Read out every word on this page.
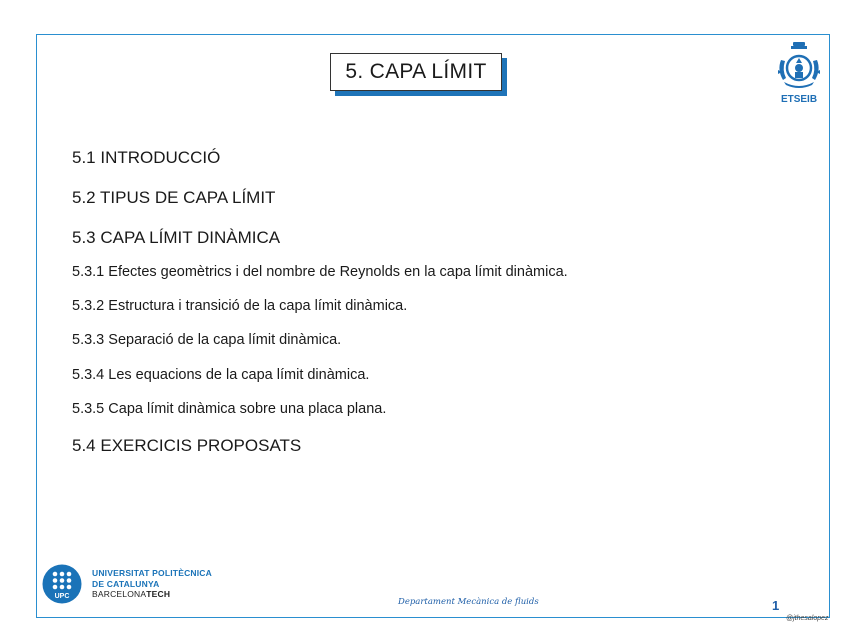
5. CAPA LÍMIT
ETSEIB
5.1 INTRODUCCIÓ
5.2 TIPUS DE CAPA LÍMIT
5.3 CAPA LÍMIT DINÀMICA
5.3.1 Efectes geomètrics i del nombre de Reynolds en la capa límit dinàmica.
5.3.2 Estructura i transició de la capa límit dinàmica.
5.3.3 Separació de la capa límit dinàmica.
5.3.4 Les equacions de la capa límit dinàmica.
5.3.5 Capa límit dinàmica sobre una placa plana.
5.4 EXERCICIS PROPOSATS
UPC
UNIVERSITAT POLITÈCNICA
DE CATALUNYA
BARCELONATECH
Departament Mecànica de fluids	1
@jthesalopez
